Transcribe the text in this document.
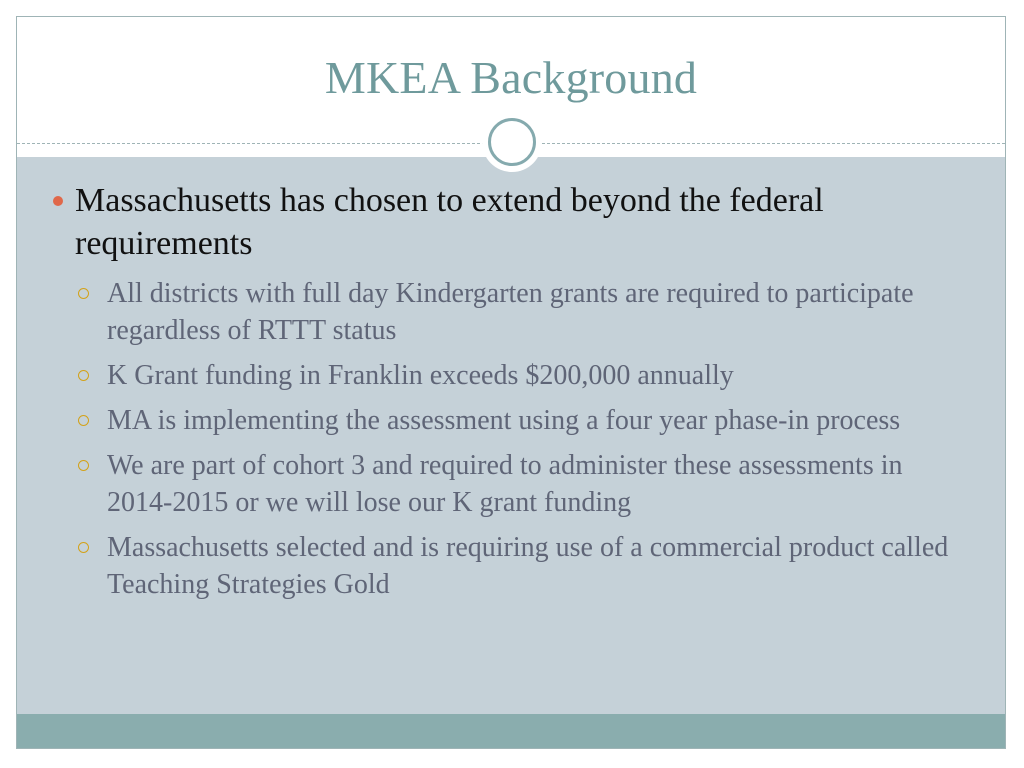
MKEA Background
Massachusetts has chosen to extend beyond the federal requirements
All districts with full day Kindergarten grants are required to participate regardless of RTTT status
K Grant funding in Franklin exceeds $200,000 annually
MA is implementing the assessment using a four year phase-in process
We are part of cohort 3 and required to administer these assessments in 2014-2015 or we will lose our K grant funding
Massachusetts selected and is requiring use of a commercial product called Teaching Strategies Gold
